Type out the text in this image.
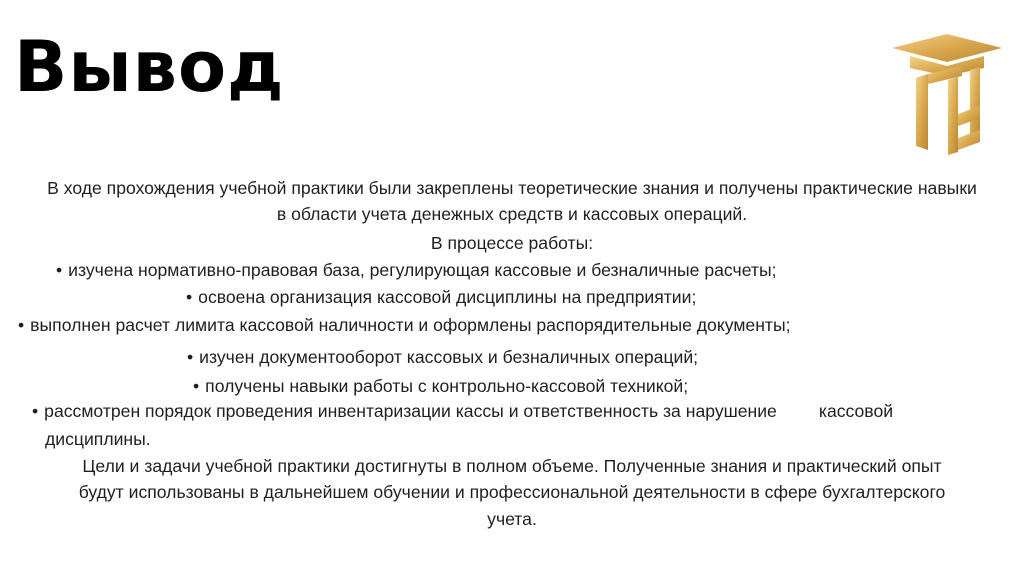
Вывод

В ходе прохождения учебной практики были закреплены теоретические знания и получены практические навыки

в области учета денежных средств и кассовых операций.

В процессе работы:

• изучена нормативно-правовая база, регулирующая кассовые и безналичные расчеты;

• освоена организация кассовой дисциплины на предприятии;

• выполнен расчет лимита кассовой наличности и оформлены распорядительные документы;

• изучен документооборот кассовых и безналичных операций;

• получены навыки работы с контрольно-кассовой техникой;

• рассмотрен порядок проведения инвентаризации кассы и ответственность за нарушение кассовой

дисциплины.

Цели и задачи учебной практики достигнуты в полном объеме. Полученные знания и практический опыт

будут использованы в дальнейшем обучении и профессиональной деятельности в сфере бухгалтерского

учета.
